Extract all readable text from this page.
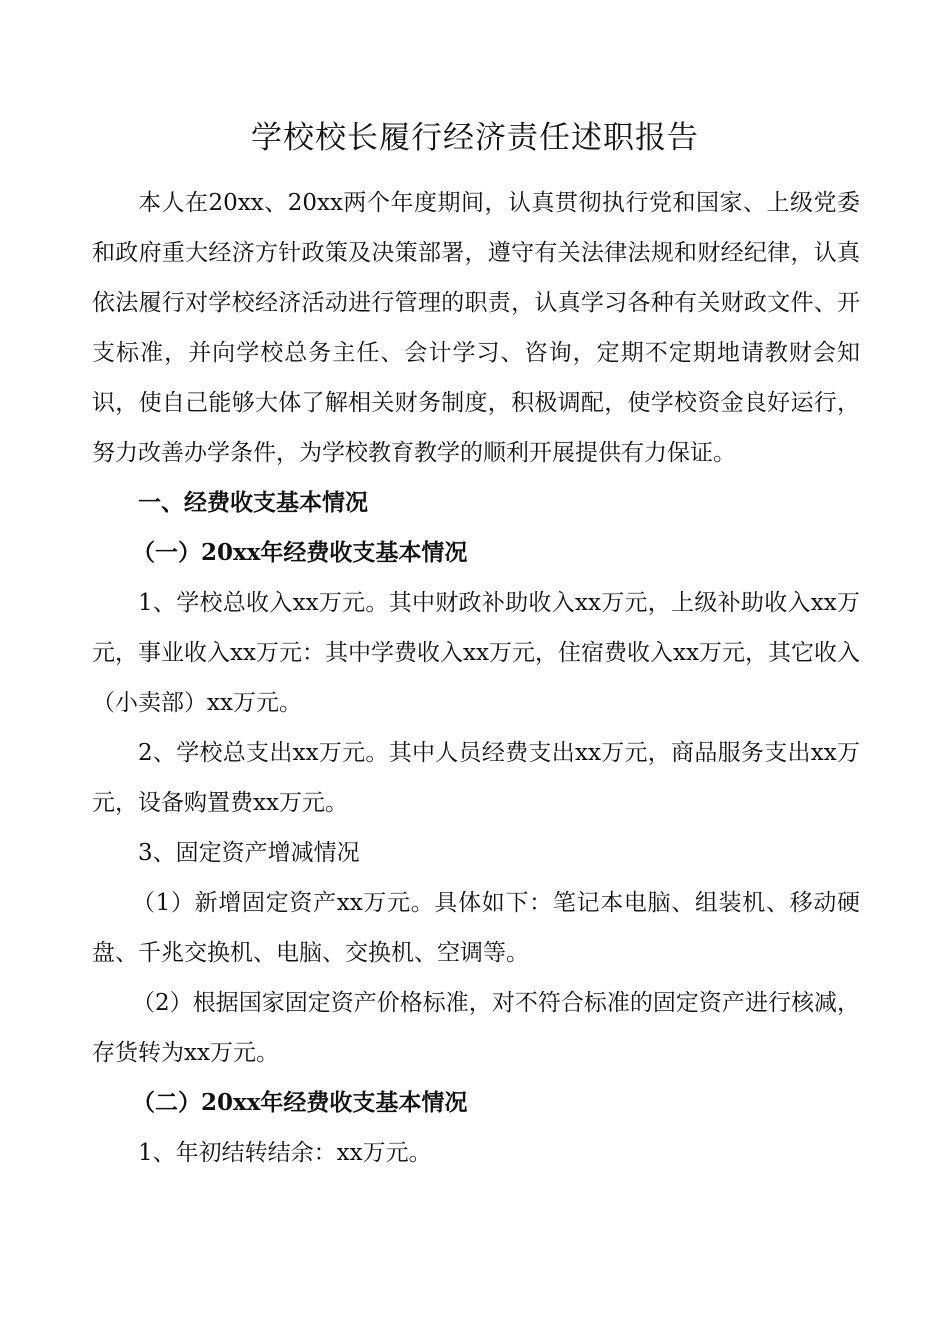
学校校长履行经济责任述职报告

本人在20xx、20xx两个年度期间，认真贯彻执行党和国家、上级党委和政府重大经济方针政策及决策部署，遵守有关法律法规和财经纪律，认真依法履行对学校经济活动进行管理的职责，认真学习各种有关财政文件、开支标准，并向学校总务主任、会计学习、咨询，定期不定期地请教财会知识，使自己能够大体了解相关财务制度，积极调配，使学校资金良好运行，努力改善办学条件，为学校教育教学的顺利开展提供有力保证。

一、经费收支基本情况

（一）20xx年经费收支基本情况

1、学校总收入xx万元。其中财政补助收入xx万元，上级补助收入xx万元，事业收入xx万元：其中学费收入xx万元，住宿费收入xx万元，其它收入（小卖部）xx万元。

2、学校总支出xx万元。其中人员经费支出xx万元，商品服务支出xx万元，设备购置费xx万元。

3、固定资产增减情况

（1）新增固定资产xx万元。具体如下：笔记本电脑、组装机、移动硬盘、千兆交换机、电脑、交换机、空调等。

（2）根据国家固定资产价格标准，对不符合标准的固定资产进行核减，存货转为xx万元。

（二）20xx年经费收支基本情况

1、年初结转结余：xx万元。
